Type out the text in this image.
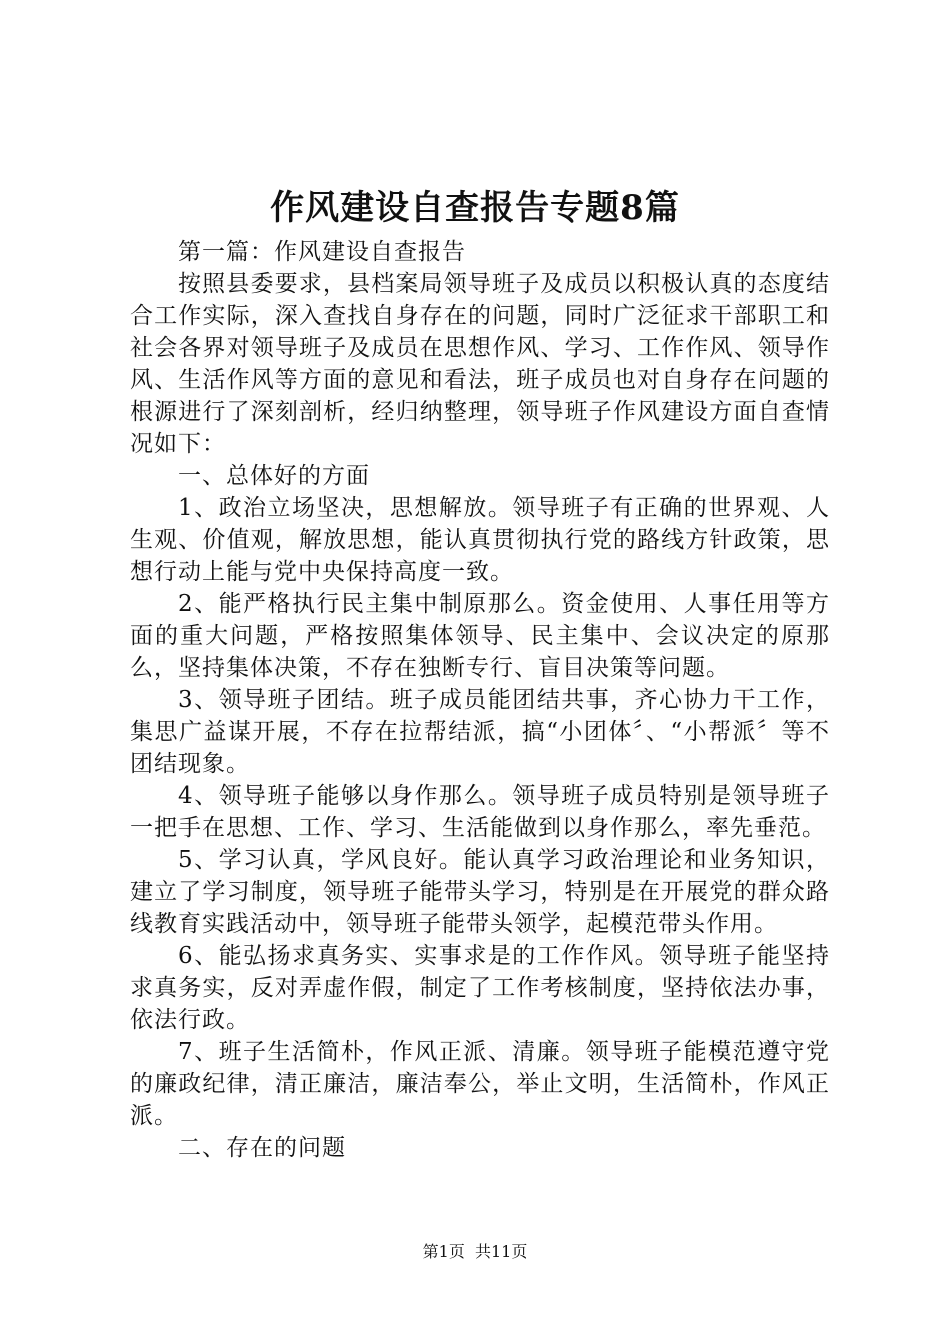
作风建设自查报告专题8篇

第一篇：作风建设自查报告

按照县委要求，县档案局领导班子及成员以积极认真的态度结合工作实际，深入查找自身存在的问题，同时广泛征求干部职工和社会各界对领导班子及成员在思想作风、学习、工作作风、领导作风、生活作风等方面的意见和看法，班子成员也对自身存在问题的根源进行了深刻剖析，经归纳整理，领导班子作风建设方面自查情况如下：

一、总体好的方面

1、政治立场坚决，思想解放。领导班子有正确的世界观、人生观、价值观，解放思想，能认真贯彻执行党的路线方针政策，思想行动上能与党中央保持高度一致。

2、能严格执行民主集中制原那么。资金使用、人事任用等方面的重大问题，严格按照集体领导、民主集中、会议决定的原那么，坚持集体决策，不存在独断专行、盲目决策等问题。

3、领导班子团结。班子成员能团结共事，齐心协力干工作，集思广益谋开展，不存在拉帮结派，搞“小团体〞、“小帮派〞等不团结现象。

4、领导班子能够以身作那么。领导班子成员特别是领导班子一把手在思想、工作、学习、生活能做到以身作那么，率先垂范。

5、学习认真，学风良好。能认真学习政治理论和业务知识，建立了学习制度，领导班子能带头学习，特别是在开展党的群众路线教育实践活动中，领导班子能带头领学，起模范带头作用。

6、能弘扬求真务实、实事求是的工作作风。领导班子能坚持求真务实，反对弄虚作假，制定了工作考核制度，坚持依法办事，依法行政。

7、班子生活简朴，作风正派、清廉。领导班子能模范遵守党的廉政纪律，清正廉洁，廉洁奉公，举止文明，生活简朴，作风正派。

二、存在的问题

第1页  共11页
